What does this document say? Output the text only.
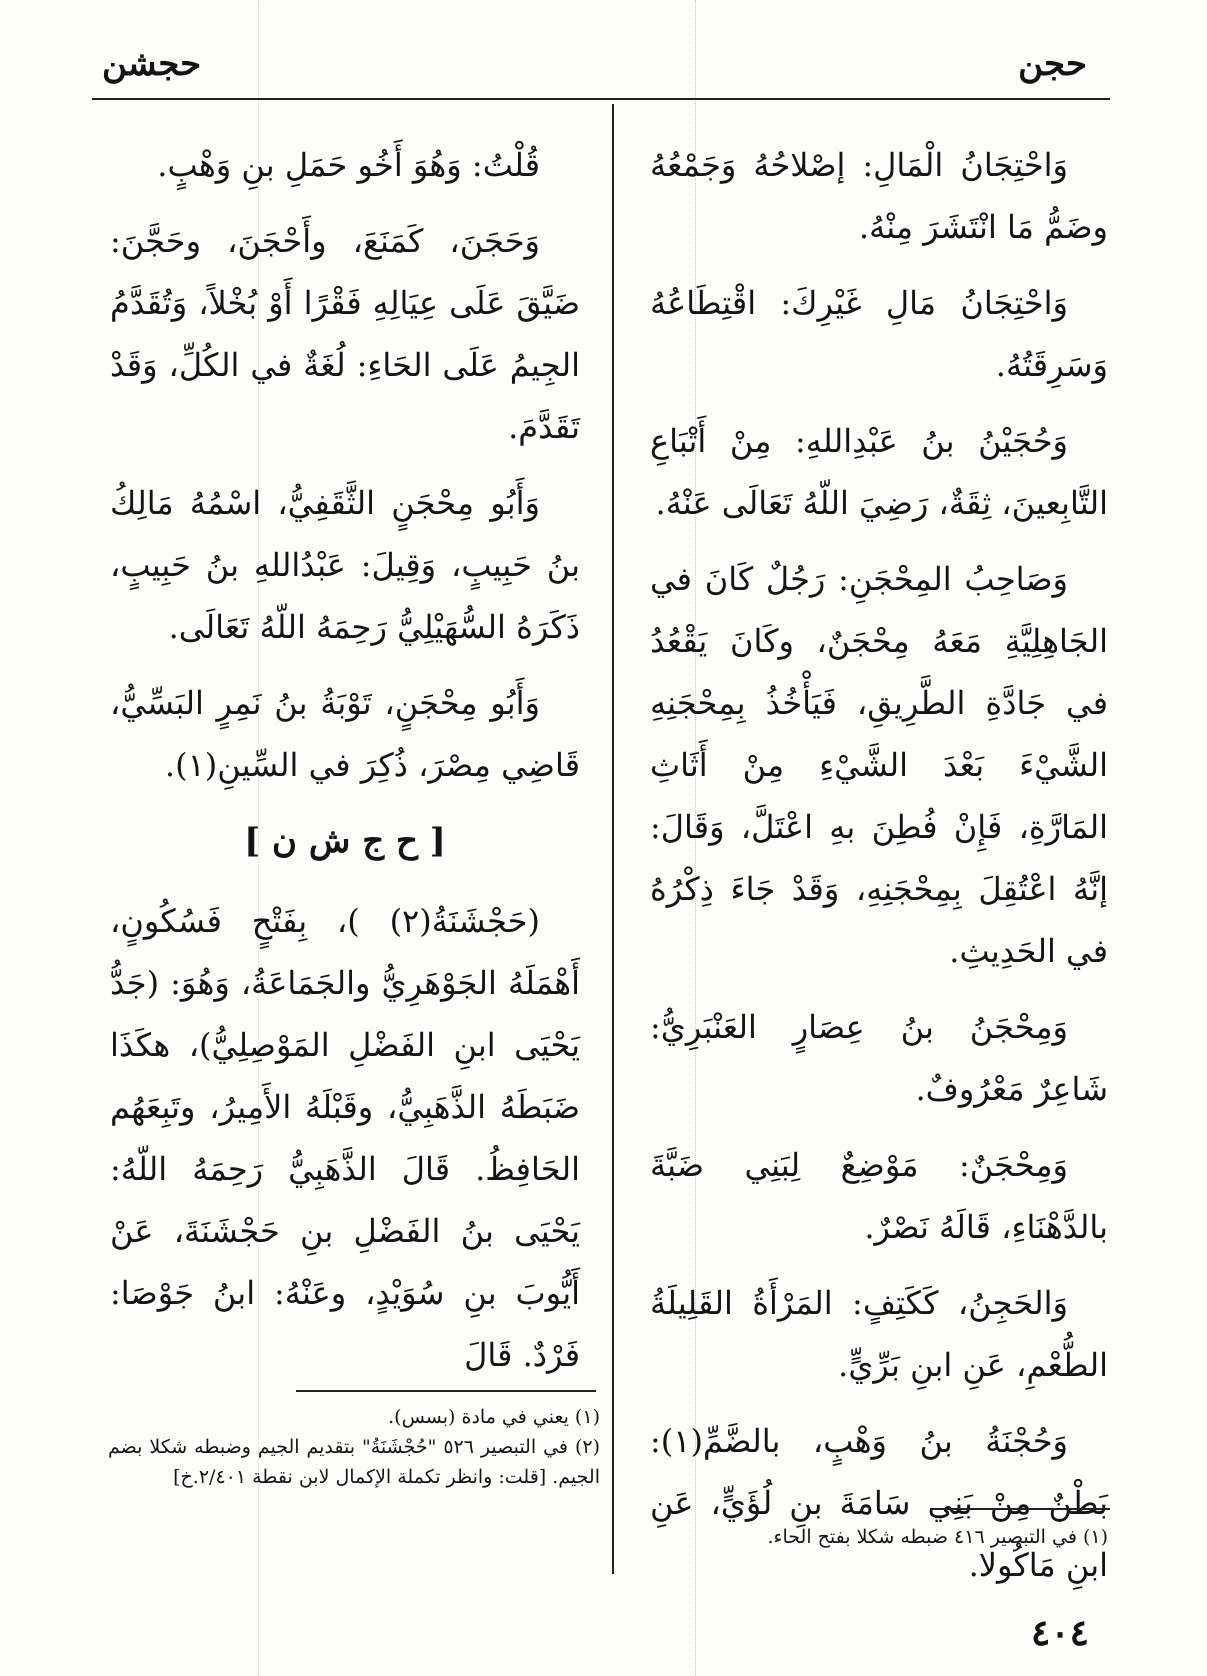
حجن
حجشن

وَاحْتِجَانُ الْمَالِ: إصْلاحُهُ وَجَمْعُهُ وضَمُّ مَا انْتَشَرَ مِنْهُ.

وَاحْتِجَانُ مَالِ غَيْرِكَ: اقْتِطَاعُهُ وَسَرِقَتُهُ.

وَحُجَيْنُ بنُ عَبْدِاللهِ: مِنْ أَتْبَاعِ التَّابِعينَ، ثِقَةٌ، رَضِيَ اللّهُ تَعَالَى عَنْهُ.

وَصَاحِبُ المِحْجَنِ: رَجُلٌ كَانَ في الجَاهِلِيَّةِ مَعَهُ مِحْجَنٌ، وكَانَ يَقْعُدُ في جَادَّةِ الطَّرِيقِ، فَيَأْخُذُ بِمِحْجَنِهِ الشَّيْءَ بَعْدَ الشَّيْءِ مِنْ أَثَاثِ المَارَّةِ، فَإِنْ فُطِنَ بهِ اعْتَلَّ، وَقَالَ: إنَّهُ اعْتُقِلَ بِمِحْجَنِهِ، وَقَدْ جَاءَ ذِكْرُهُ في الحَدِيثِ.

وَمِحْجَنُ بنُ عِصَارٍ العَنْبَرِيُّ: شَاعِرٌ مَعْرُوفٌ.

وَمِحْجَنٌ: مَوْضِعٌ لِبَنِي ضَبَّةَ بالدَّهْنَاءِ، قَالَهُ نَصْرٌ.

وَالحَجِنُ، كَكَتِفٍ: المَرْأَةُ القَلِيلَةُ الطُّعْمِ، عَنِ ابنِ بَرِّيٍّ.

وَحُجْنَةُ بنُ وَهْبٍ، بالضَّمِّ(١): بَطْنٌ مِنْ بَنِي سَامَةَ بنِ لُؤَيٍّ، عَنِ ابنِ مَاكُولا.

قُلْتُ: وَهُوَ أَخُو حَمَلِ بنِ وَهْبٍ.

وَحَجَنَ، كَمَنَعَ، وأَحْجَنَ، وحَجَّنَ: ضَيَّقَ عَلَى عِيَالِهِ فَقْرًا أَوْ بُخْلاً، وَتُقَدَّمُ الجِيمُ عَلَى الحَاءِ: لُغَةٌ في الكُلِّ، وَقَدْ تَقَدَّمَ.

وَأَبُو مِحْجَنٍ الثَّقَفِيُّ، اسْمُهُ مَالِكُ بنُ حَبِيبٍ، وَقِيلَ: عَبْدُاللهِ بنُ حَبِيبٍ، ذَكَرَهُ السُّهَيْلِيُّ رَحِمَهُ اللّهُ تَعَالَى.

وَأَبُو مِحْجَنٍ، تَوْبَةُ بنُ نَمِرٍ البَسِّيُّ، قَاضِي مِصْرَ، ذُكِرَ في السِّينِ(١).

[ ح ج ش ن ]

(حَجْشَنَةُ(٢) )، بِفَتْحٍ فَسُكُونٍ، أَهْمَلَهُ الجَوْهَرِيُّ والجَمَاعَةُ، وَهُوَ: (جَدُّ يَحْيَى ابنِ الفَضْلِ المَوْصِلِيُّ)، هكَذَا ضَبَطَهُ الذَّهَبِيُّ، وقَبْلَهُ الأَمِيرُ، وتَبِعَهُم الحَافِظُ. قَالَ الذَّهَبِيُّ رَحِمَهُ اللّهُ: يَحْيَى بنُ الفَضْلِ بنِ حَجْشَنَةَ، عَنْ أَيُّوبَ بنِ سُوَيْدٍ، وعَنْهُ: ابنُ جَوْصَا: فَرْدٌ. قَالَ

(١) يعني في مادة (بسس).
(٢) في التبصير ٥٢٦ "حُجْشَنَةُ" بتقديم الجيم وضبطه شكلا بضم الجيم. [قلت: وانظر تكملة الإكمال لابن نقطة ٢/٤٠١.خ]
(١) في التبصير ٤١٦ ضبطه شكلا بفتح الحاء.
٤٠٤
